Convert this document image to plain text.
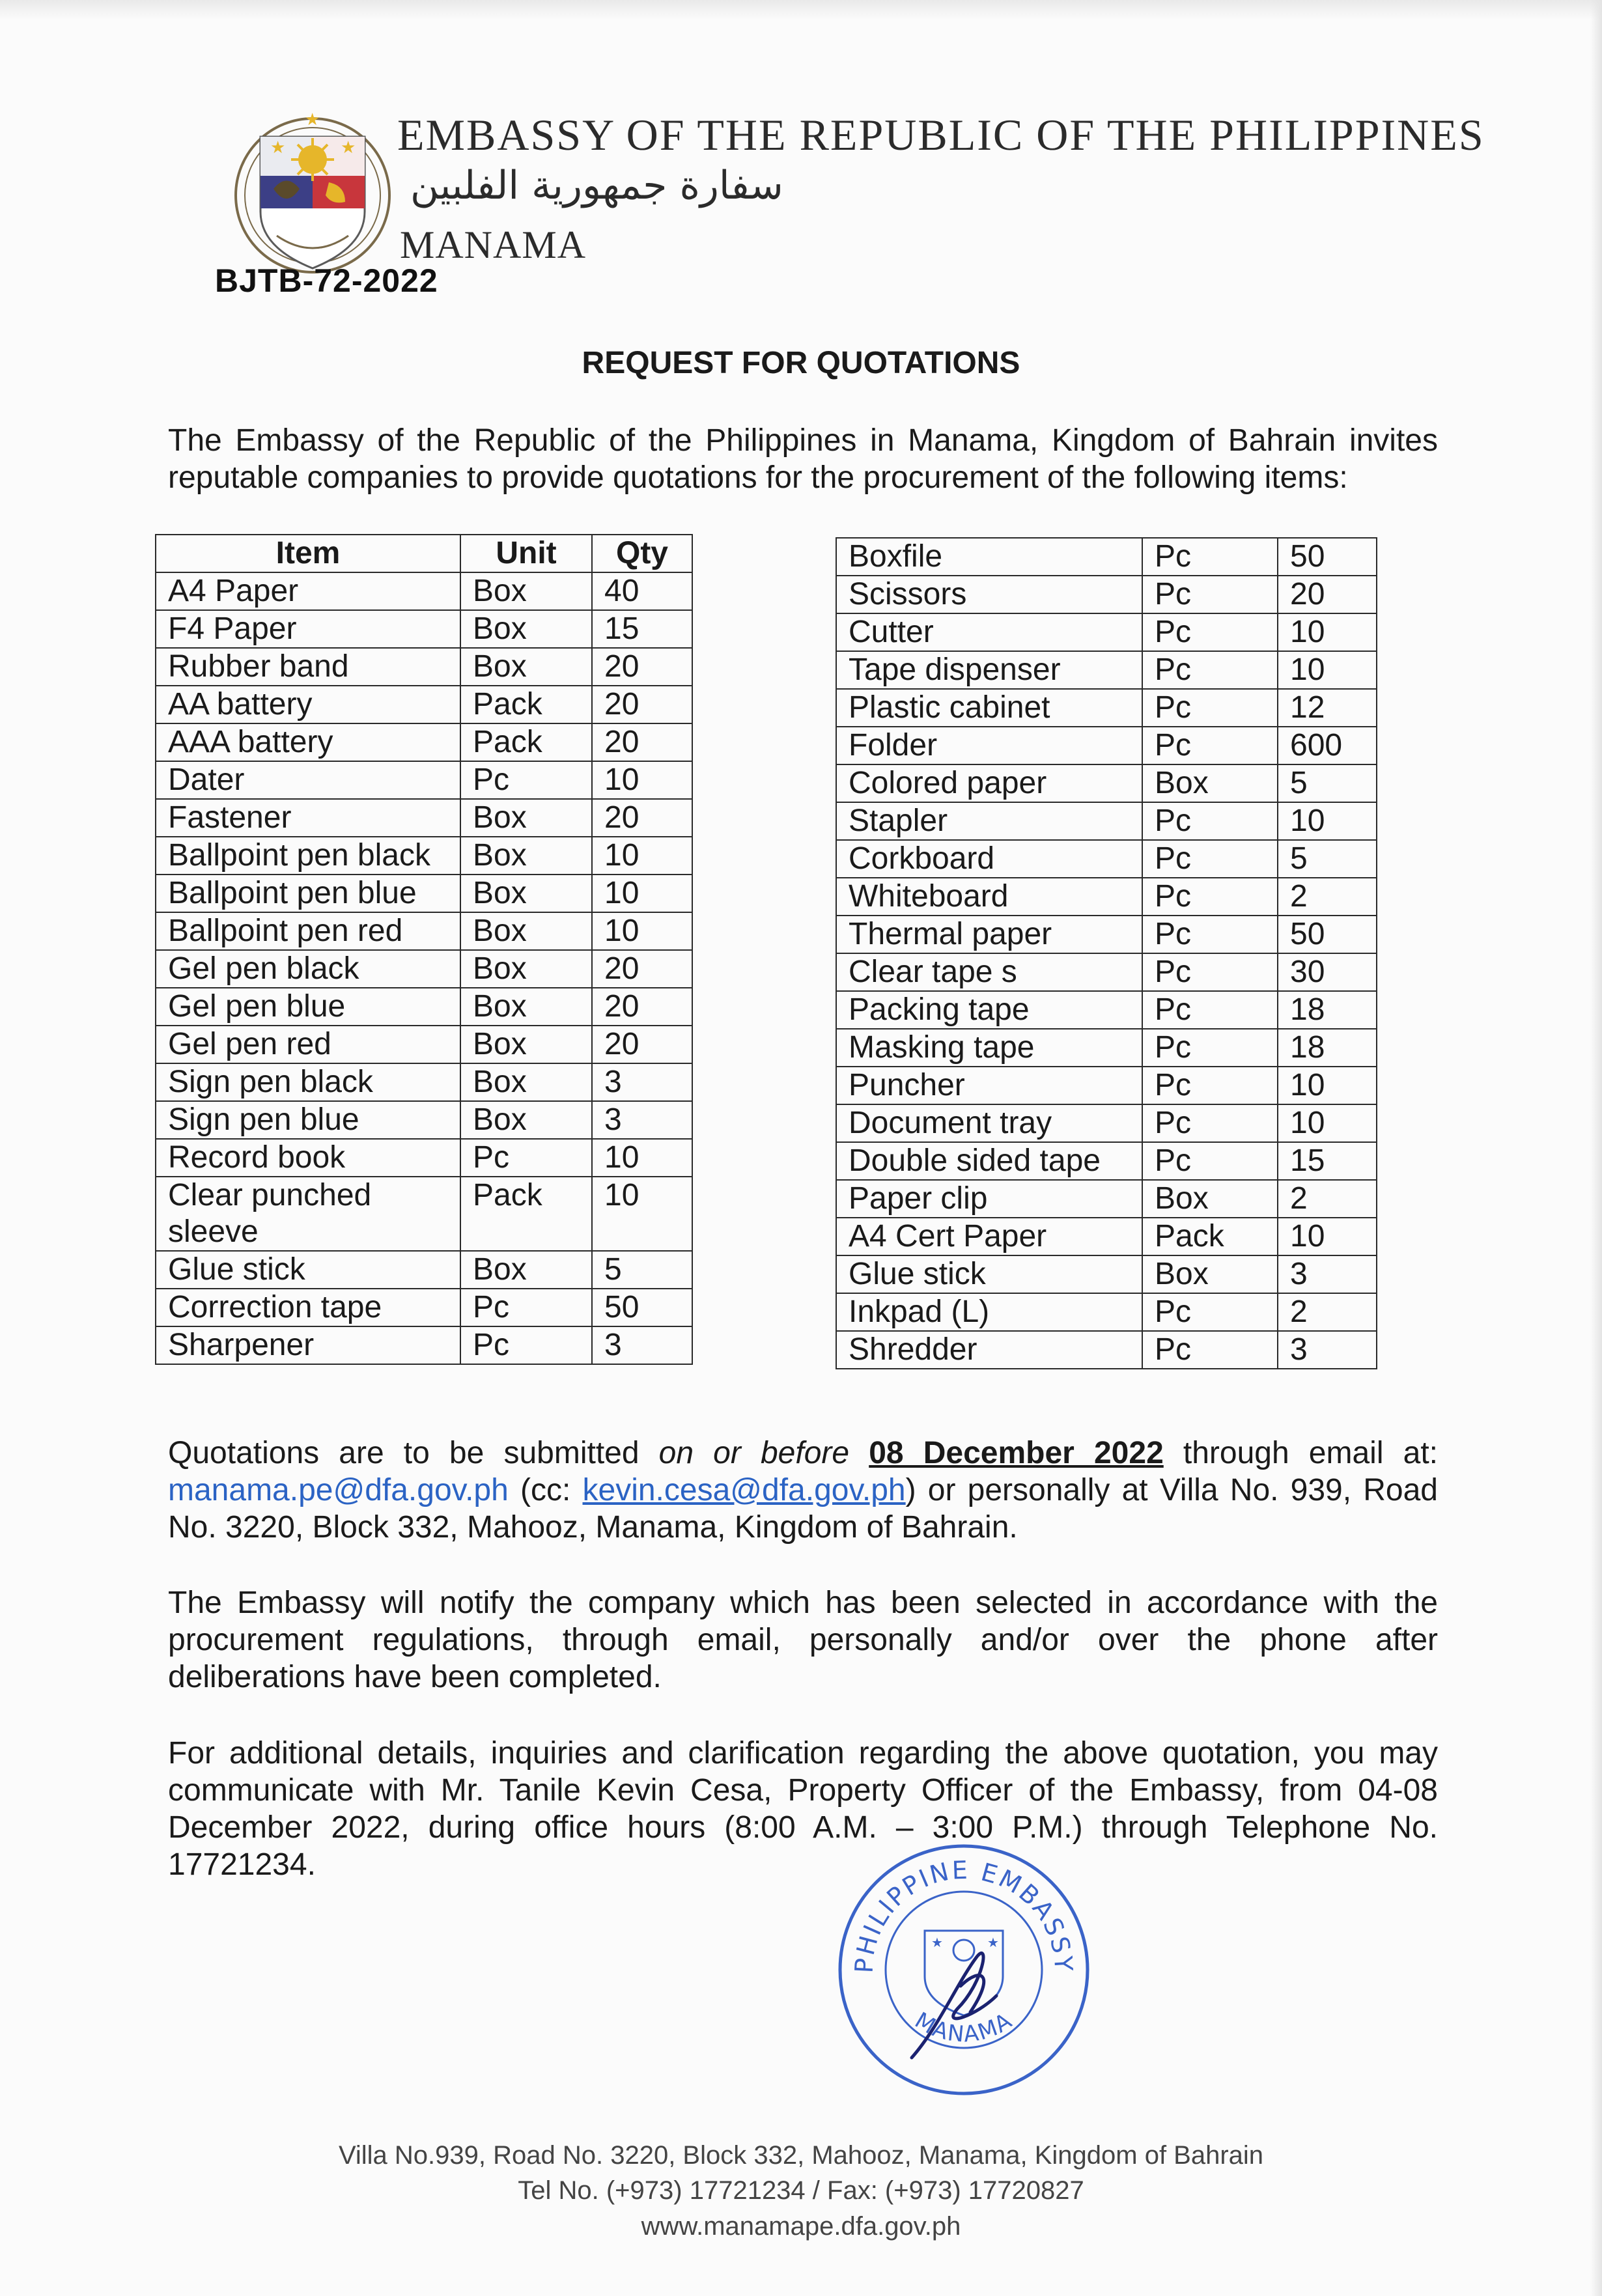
★	★
★ EMBASSY OF THE REPUBLIC OF THE PHILIPPINES
سفارة جمهورية الفلبين
MANAMA
BJTB-72-2022
REQUEST FOR QUOTATIONS
The Embassy of the Republic of the Philippines in Manama, Kingdom of Bahrain invites reputable companies to provide quotations for the procurement of the following items:
Item	Unit	Qty
A4 Paper	Box	40
F4 Paper	Box	15
Rubber band	Box	20
AA battery	Pack	20
AAA battery	Pack	20
Dater	Pc	10
Fastener	Box	20
Ballpoint pen black	Box	10
Ballpoint pen blue	Box	10
Ballpoint pen red	Box	10
Gel pen black	Box	20
Gel pen blue	Box	20
Gel pen red	Box	20
Sign pen black	Box	3
Sign pen blue	Box	3
Record book	Pc	10
Clear punched sleeve	Pack	10
Glue stick	Box	5
Correction tape	Pc	50
Sharpener	Pc	3
Boxfile	Pc	50
Scissors	Pc	20
Cutter	Pc	10
Tape dispenser	Pc	10
Plastic cabinet	Pc	12
Folder	Pc	600
Colored paper	Box	5
Stapler	Pc	10
Corkboard	Pc	5
Whiteboard	Pc	2
Thermal paper	Pc	50
Clear tape s	Pc	30
Packing tape	Pc	18
Masking tape	Pc	18
Puncher	Pc	10
Document tray	Pc	10
Double sided tape	Pc	15
Paper clip	Box	2
A4 Cert Paper	Pack	10
Glue stick	Box	3
Inkpad (L)	Pc	2
Shredder	Pc	3
Quotations are to be submitted on or before 08 December 2022 through email at: manama.pe@dfa.gov.ph (cc: kevin.cesa@dfa.gov.ph) or personally at Villa No. 939, Road No. 3220, Block 332, Mahooz, Manama, Kingdom of Bahrain.
The Embassy will notify the company which has been selected in accordance with the procurement regulations, through email, personally and/or over the phone after deliberations have been completed.
For additional details, inquiries and clarification regarding the above quotation, you may communicate with Mr. Tanile Kevin Cesa, Property Officer of the Embassy, from 04-08 December 2022, during office hours (8:00 A.M. – 3:00 P.M.) through Telephone No. 17721234.
PHILIPPINE EMBASSY
MANAMA
★	★
Villa No.939, Road No. 3220, Block 332, Mahooz, Manama, Kingdom of Bahrain
Tel No. (+973) 17721234 / Fax: (+973) 17720827
www.manamape.dfa.gov.ph
